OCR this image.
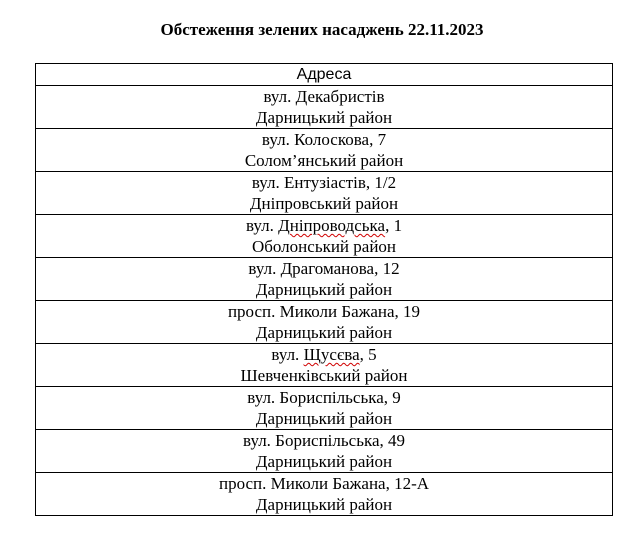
Обстеження зелених насаджень 22.11.2023
Адреса

вул. Декабристів
Дарницький район

вул. Колоскова, 7
Солом’янський район

вул. Ентузіастів, 1/2
Дніпровський район

вул. Дніпроводська, 1
Оболонський район

вул. Драгоманова, 12
Дарницький район

просп. Миколи Бажана, 19
Дарницький район

вул. Щусєва, 5
Шевченківський район

вул. Бориспільська, 9
Дарницький район

вул. Бориспільська, 49
Дарницький район

просп. Миколи Бажана, 12-А
Дарницький район
